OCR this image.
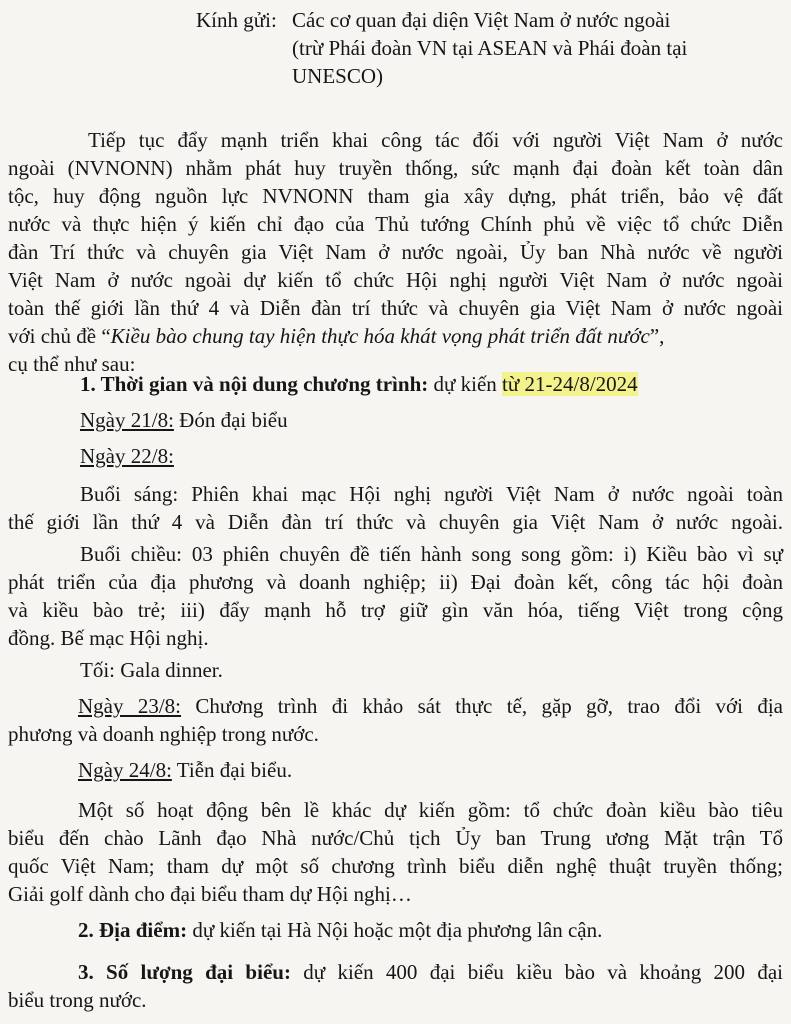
Kính gửi: Các cơ quan đại diện Việt Nam ở nước ngoài
(trừ Phái đoàn VN tại ASEAN và Phái đoàn tại
UNESCO)
Tiếp tục đẩy mạnh triển khai công tác đối với người Việt Nam ở nước
ngoài (NVNONN) nhằm phát huy truyền thống, sức mạnh đại đoàn kết toàn dân
tộc, huy động nguồn lực NVNONN tham gia xây dựng, phát triển, bảo vệ đất
nước và thực hiện ý kiến chỉ đạo của Thủ tướng Chính phủ về việc tổ chức Diễn
đàn Trí thức và chuyên gia Việt Nam ở nước ngoài, Ủy ban Nhà nước về người
Việt Nam ở nước ngoài dự kiến tổ chức Hội nghị người Việt Nam ở nước ngoài
toàn thế giới lần thứ 4 và Diễn đàn trí thức và chuyên gia Việt Nam ở nước ngoài
với chủ đề “Kiều bào chung tay hiện thực hóa khát vọng phát triển đất nước”,
cụ thể như sau:
1. Thời gian và nội dung chương trình: dự kiến từ 21-24/8/2024
Ngày 21/8: Đón đại biểu
Ngày 22/8:
Buổi sáng: Phiên khai mạc Hội nghị người Việt Nam ở nước ngoài toàn
thế giới lần thứ 4 và Diễn đàn trí thức và chuyên gia Việt Nam ở nước ngoài.
Buổi chiều: 03 phiên chuyên đề tiến hành song song gồm: i) Kiều bào vì sự
phát triển của địa phương và doanh nghiệp; ii) Đại đoàn kết, công tác hội đoàn
và kiều bào trẻ; iii) đẩy mạnh hỗ trợ giữ gìn văn hóa, tiếng Việt trong cộng
đồng. Bế mạc Hội nghị.
Tối: Gala dinner.
Ngày 23/8: Chương trình đi khảo sát thực tế, gặp gỡ, trao đổi với địa
phương và doanh nghiệp trong nước.
Ngày 24/8: Tiễn đại biểu.
Một số hoạt động bên lề khác dự kiến gồm: tổ chức đoàn kiều bào tiêu
biểu đến chào Lãnh đạo Nhà nước/Chủ tịch Ủy ban Trung ương Mặt trận Tổ
quốc Việt Nam; tham dự một số chương trình biểu diễn nghệ thuật truyền thống;
Giải golf dành cho đại biểu tham dự Hội nghị…
2. Địa điểm: dự kiến tại Hà Nội hoặc một địa phương lân cận.
3. Số lượng đại biểu: dự kiến 400 đại biểu kiều bào và khoảng 200 đại
biểu trong nước.
